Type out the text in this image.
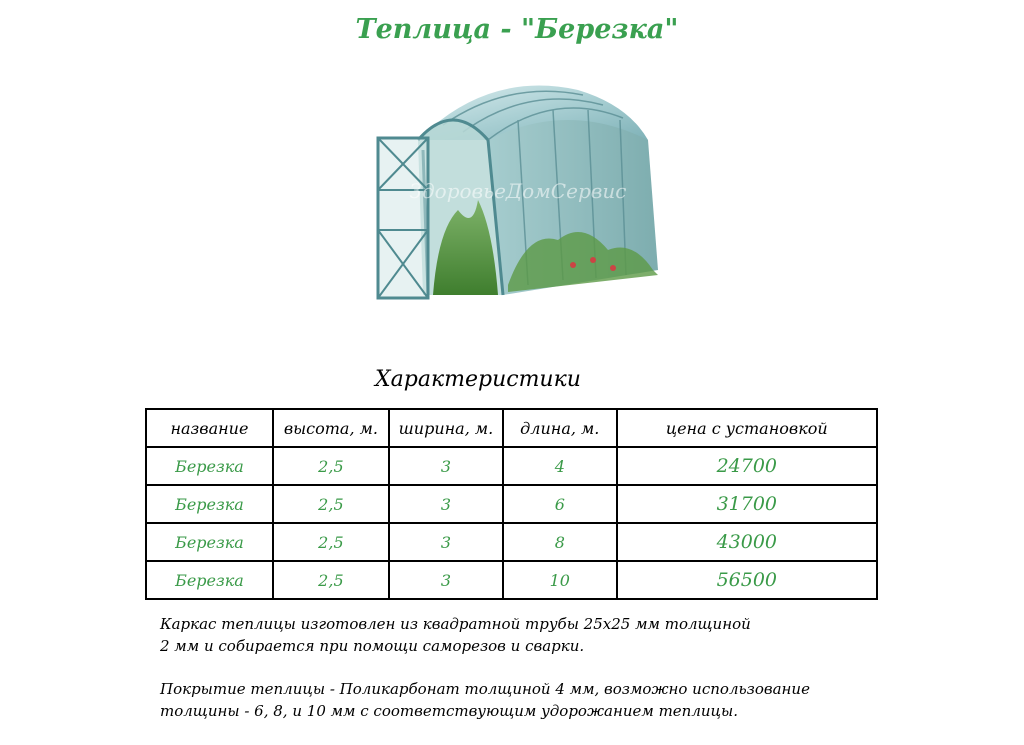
Теплица - "Березка"
ЗдоровьеДомСервис
Характеристики
название	высота, м.	ширина, м.	длина, м.	цена с установкой
Березка	2,5	3	4	24700
Березка	2,5	3	6	31700
Березка	2,5	3	8	43000
Березка	2,5	3	10	56500

Каркас теплицы изготовлен из квадратной трубы 25х25 мм толщиной

2 мм и собирается при помощи саморезов и сварки.

Покрытие теплицы - Поликарбонат толщиной 4 мм, возможно использование

толщины - 6, 8, и 10 мм с соответствующим удорожанием теплицы.
